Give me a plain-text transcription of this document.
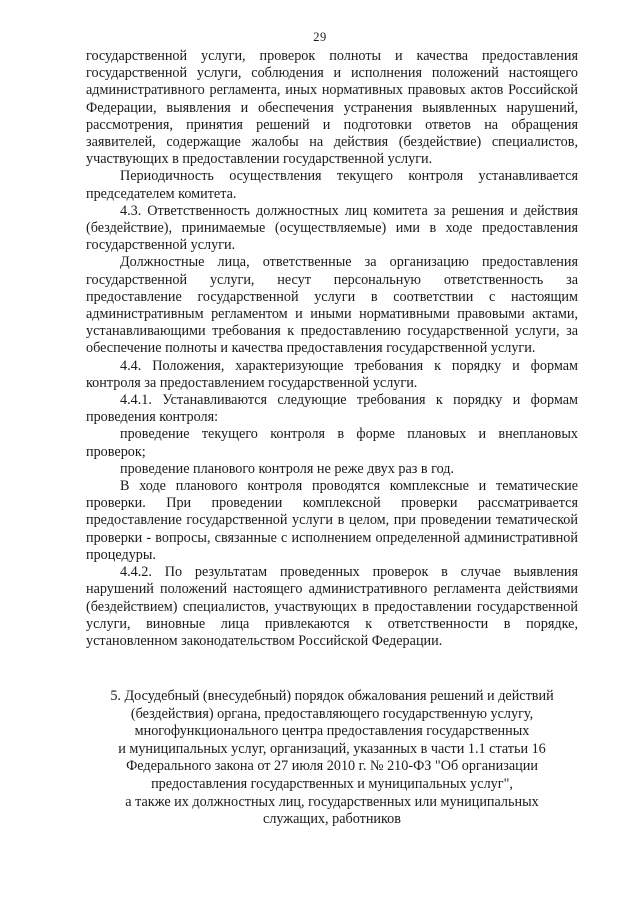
29

государственной услуги, проверок полноты и качества предоставления государственной услуги, соблюдения и исполнения положений настоящего административного регламента, иных нормативных правовых актов Российской Федерации, выявления и обеспечения устранения выявленных нарушений, рассмотрения, принятия решений и подготовки ответов на обращения заявителей, содержащие жалобы на действия (бездействие) специалистов, участвующих в предоставлении государственной услуги.

Периодичность осуществления текущего контроля устанавливается председателем комитета.

4.3. Ответственность должностных лиц комитета за решения и действия (бездействие), принимаемые (осуществляемые) ими в ходе предоставления государственной услуги.

Должностные лица, ответственные за организацию предоставления государственной услуги, несут персональную ответственность за предоставление государственной услуги в соответствии с настоящим административным регламентом и иными нормативными правовыми актами, устанавливающими требования к предоставлению государственной услуги, за обеспечение полноты и качества предоставления государственной услуги.

4.4. Положения, характеризующие требования к порядку и формам контроля за предоставлением государственной услуги.

4.4.1. Устанавливаются следующие требования к порядку и формам проведения контроля:

проведение текущего контроля в форме плановых и внеплановых проверок;

проведение планового контроля не реже двух раз в год.

В ходе планового контроля проводятся комплексные и тематические проверки. При проведении комплексной проверки рассматривается предоставление государственной услуги в целом, при проведении тематической проверки - вопросы, связанные с исполнением определенной административной процедуры.

4.4.2. По результатам проведенных проверок в случае выявления нарушений положений настоящего административного регламента действиями (бездействием) специалистов, участвующих в предоставлении государственной услуги, виновные лица привлекаются к ответственности в порядке, установленном законодательством Российской Федерации.

5. Досудебный (внесудебный) порядок обжалования решений и действий
(бездействия) органа, предоставляющего государственную услугу,
многофункционального центра предоставления государственных
и муниципальных услуг, организаций, указанных в части 1.1 статьи 16
Федерального закона от 27 июля 2010 г. № 210-ФЗ "Об организации
предоставления государственных и муниципальных услуг",
а также их должностных лиц, государственных или муниципальных
служащих, работников
